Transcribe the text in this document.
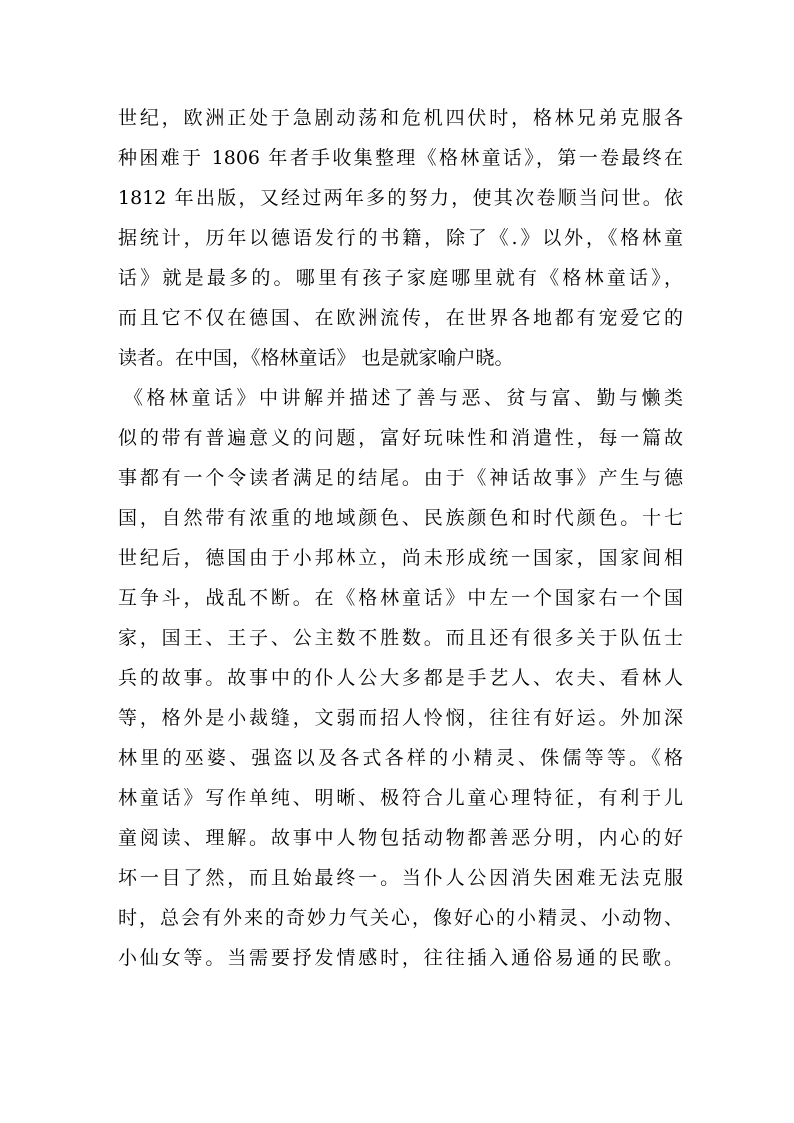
世纪，欧洲正处于急剧动荡和危机四伏时，格林兄弟克服各
种困难于 1806 年者手收集整理《格林童话》，第一卷最终在
1812 年出版，又经过两年多的努力，使其次卷顺当问世。依
据统计，历年以德语发行的书籍，除了《.》以外，《格林童
话》就是最多的。哪里有孩子家庭哪里就有《格林童话》，
而且它不仅在德国、在欧洲流传，在世界各地都有宠爱它的
读者。在中国，《格林童话》 也是就家喻户晓。
《格林童话》中讲解并描述了善与恶、贫与富、勤与懒类
似的带有普遍意义的问题，富好玩味性和消遣性，每一篇故
事都有一个令读者满足的结尾。由于《神话故事》产生与德
国，自然带有浓重的地域颜色、民族颜色和时代颜色。十七
世纪后，德国由于小邦林立，尚未形成统一国家，国家间相
互争斗，战乱不断。在《格林童话》中左一个国家右一个国
家，国王、王子、公主数不胜数。而且还有很多关于队伍士
兵的故事。故事中的仆人公大多都是手艺人、农夫、看林人
等，格外是小裁缝，文弱而招人怜悯，往往有好运。外加深
林里的巫婆、强盗以及各式各样的小精灵、侏儒等等。《格
林童话》写作单纯、明晰、极符合儿童心理特征，有利于儿
童阅读、理解。故事中人物包括动物都善恶分明，内心的好
坏一目了然，而且始最终一。当仆人公因消失困难无法克服
时，总会有外来的奇妙力气关心，像好心的小精灵、小动物、
小仙女等。当需要抒发情感时，往往插入通俗易通的民歌。
